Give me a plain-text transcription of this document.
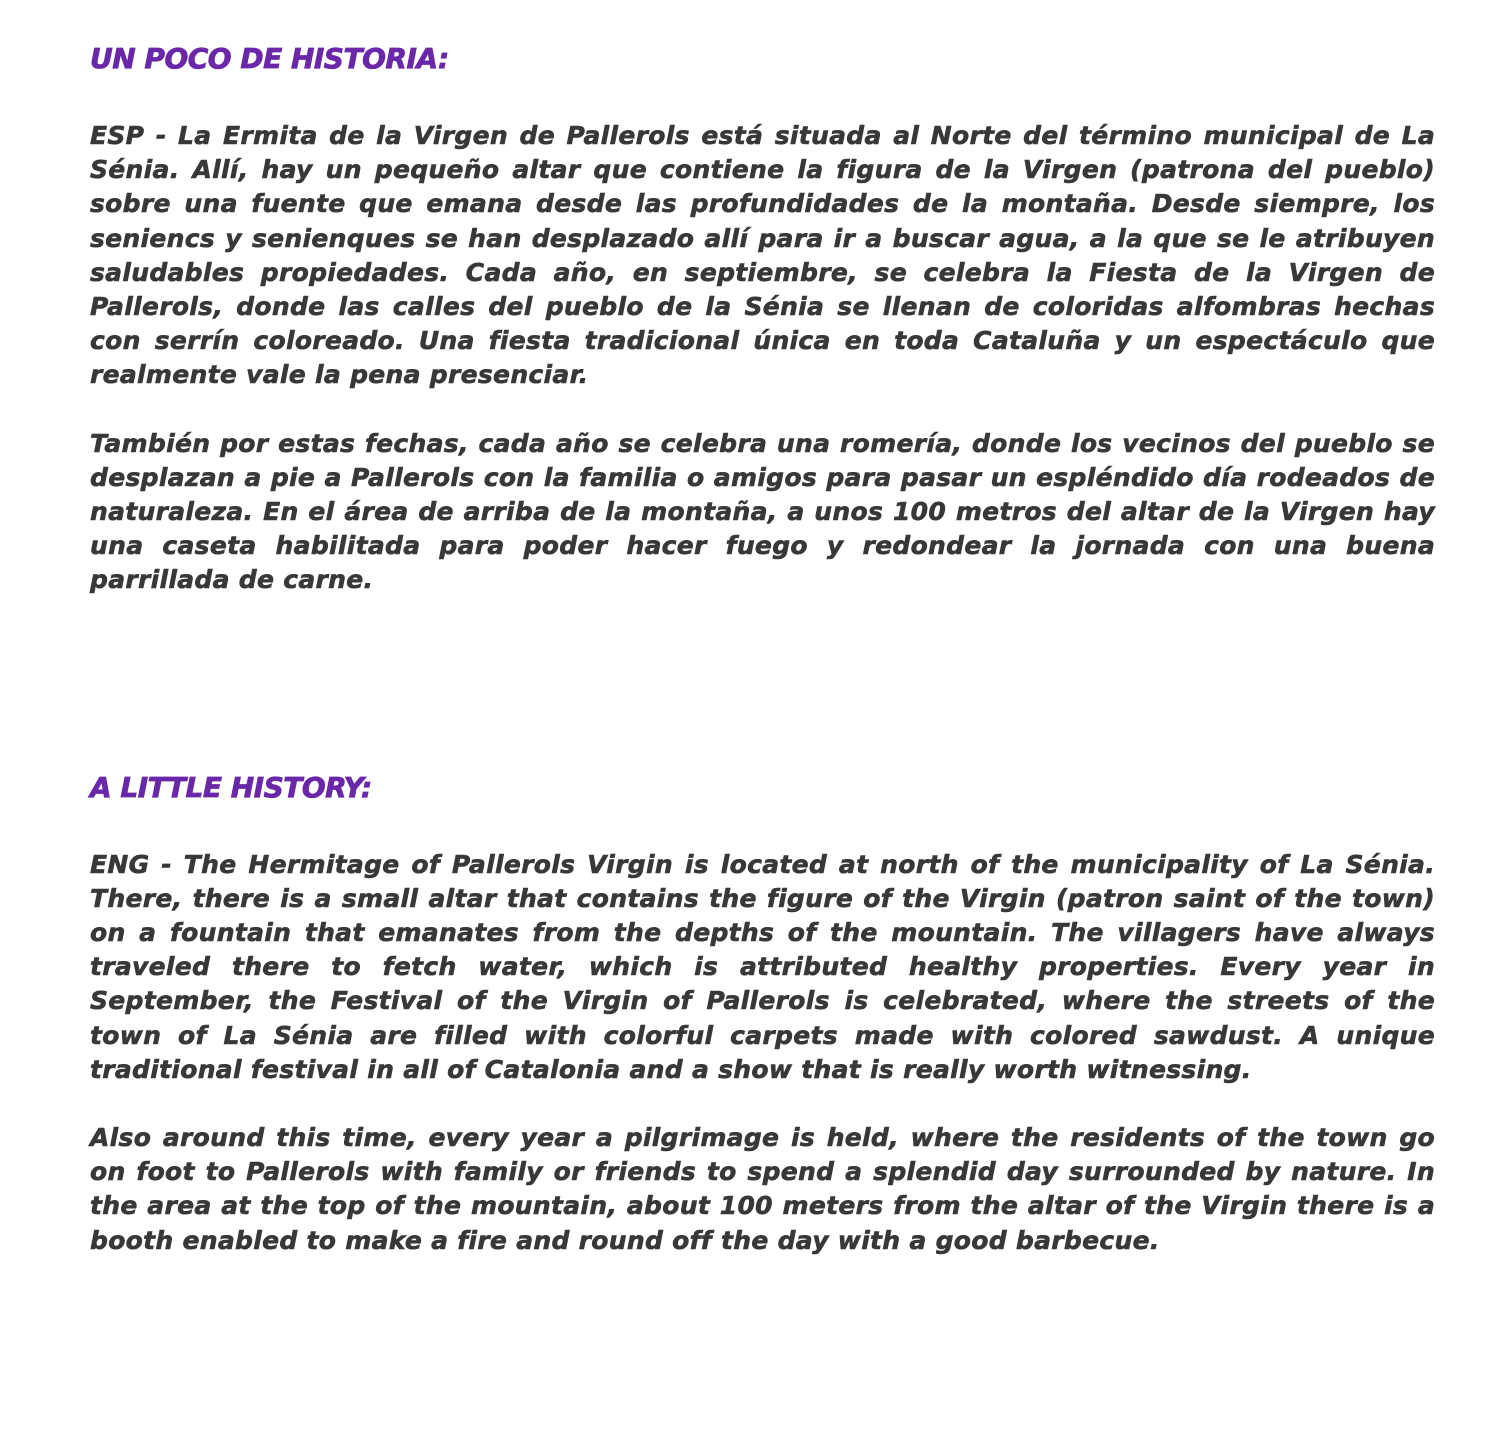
UN POCO DE HISTORIA:

ESP - La Ermita de la Virgen de Pallerols está situada al Norte del término municipal de La Sénia. Allí, hay un pequeño altar que contiene la figura de la Virgen (patrona del pueblo) sobre una fuente que emana desde las profundidades de la montaña. Desde siempre, los seniencs y senienques se han desplazado allí para ir a buscar agua, a la que se le atribuyen saludables propiedades. Cada año, en septiembre, se celebra la Fiesta de la Virgen de Pallerols, donde las calles del pueblo de la Sénia se llenan de coloridas alfombras hechas con serrín coloreado. Una fiesta tradicional única en toda Cataluña y un espectáculo que realmente vale la pena presenciar.

También por estas fechas, cada año se celebra una romería, donde los vecinos del pueblo se desplazan a pie a Pallerols con la familia o amigos para pasar un espléndido día rodeados de naturaleza. En el área de arriba de la montaña, a unos 100 metros del altar de la Virgen hay una caseta habilitada para poder hacer fuego y redondear la jornada con una buena parrillada de carne.

A LITTLE HISTORY:

ENG - The Hermitage of Pallerols Virgin is located at north of the municipality of La Sénia. There, there is a small altar that contains the figure of the Virgin (patron saint of the town) on a fountain that emanates from the depths of the mountain. The villagers have always traveled there to fetch water, which is attributed healthy properties. Every year in September, the Festival of the Virgin of Pallerols is celebrated, where the streets of the town of La Sénia are filled with colorful carpets made with colored sawdust. A unique traditional festival in all of Catalonia and a show that is really worth witnessing.

Also around this time, every year a pilgrimage is held, where the residents of the town go on foot to Pallerols with family or friends to spend a splendid day surrounded by nature. In the area at the top of the mountain, about 100 meters from the altar of the Virgin there is a booth enabled to make a fire and round off the day with a good barbecue.
